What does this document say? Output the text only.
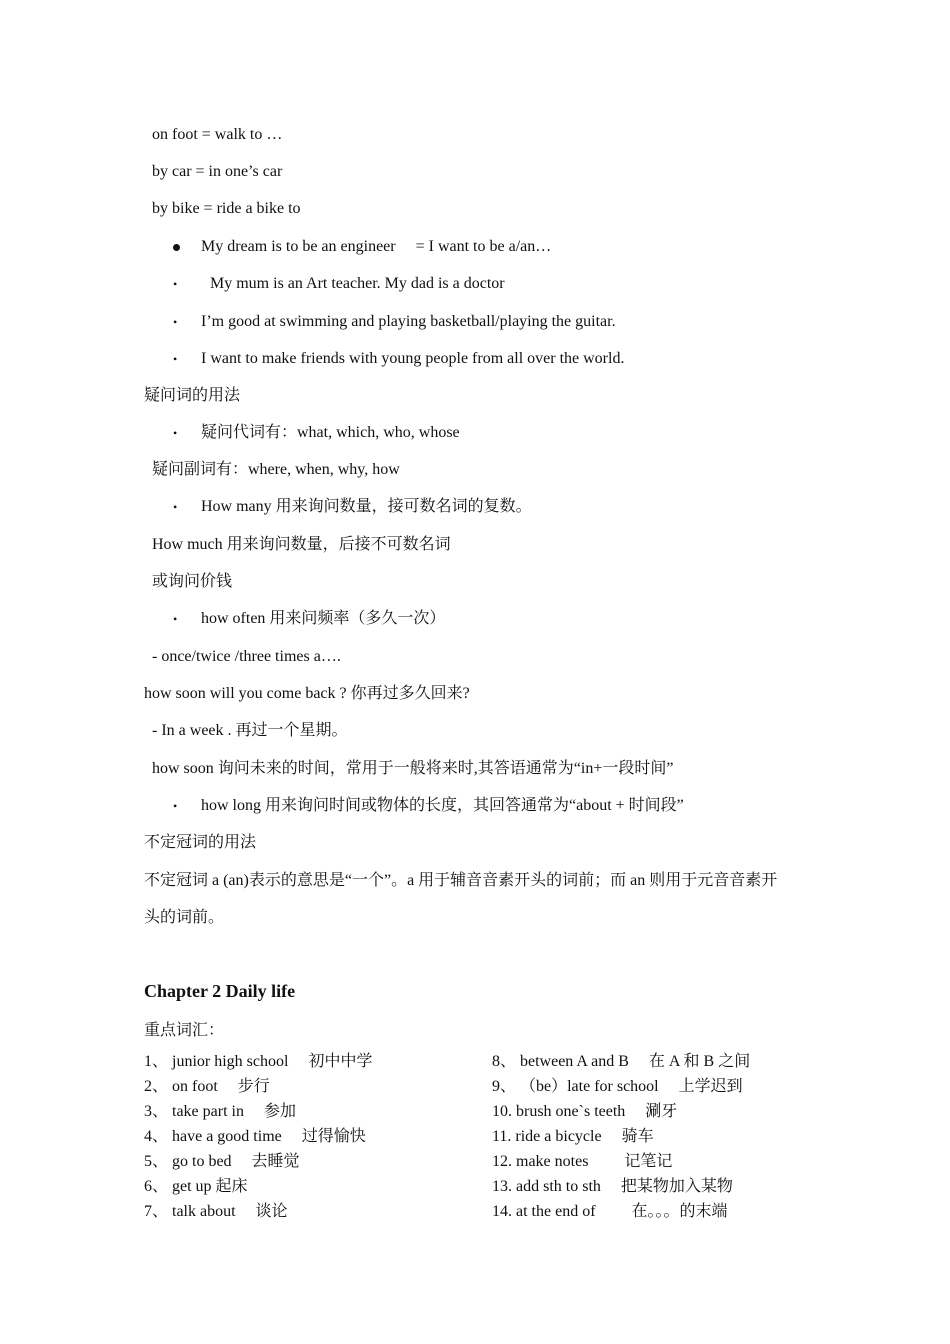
on foot = walk to …
by car = in one’s car
by bike = ride a bike to
My dream is to be an engineer　 = I want to be a/an…
• My mum is an Art teacher. My dad is a doctor
• I’m good at swimming and playing basketball/playing the guitar.
• I want to make friends with young people from all over the world.
疑问词的用法
• 疑问代词有：what, which, who, whose
疑问副词有：where, when, why, how
• How many 用来询问数量，接可数名词的复数。
How much 用来询问数量，后接不可数名词
或询问价钱
• how often 用来问频率（多久一次）
- once/twice /three times a….
how soon will you come back ? 你再过多久回来?
- In a week . 再过一个星期。
how soon 询问未来的时间，常用于一般将来时,其答语通常为“in+一段时间”
• how long 用来询问时间或物体的长度，其回答通常为“about + 时间段”
不定冠词的用法
不定冠词 a (an)表示的意思是“一个”。a 用于辅音音素开头的词前；而 an 则用于元音音素开
头的词前。
Chapter 2 Daily life
重点词汇：
1、 junior high school　 初中中学
2、 on foot　 步行
3、 take part in　 参加
4、 have a good time　 过得愉快
5、 go to bed　 去睡觉
6、 get up 起床
7、 talk about　 谈论
8、 between A and B　 在 A 和 B 之间
9、 （be）late for school　 上学迟到
10. brush one`s teeth　 涮牙
11. ride a bicycle　 骑车
12. make notes　　 记笔记
13. add sth to sth　 把某物加入某物
14. at the end of　　 在。。。的末端
